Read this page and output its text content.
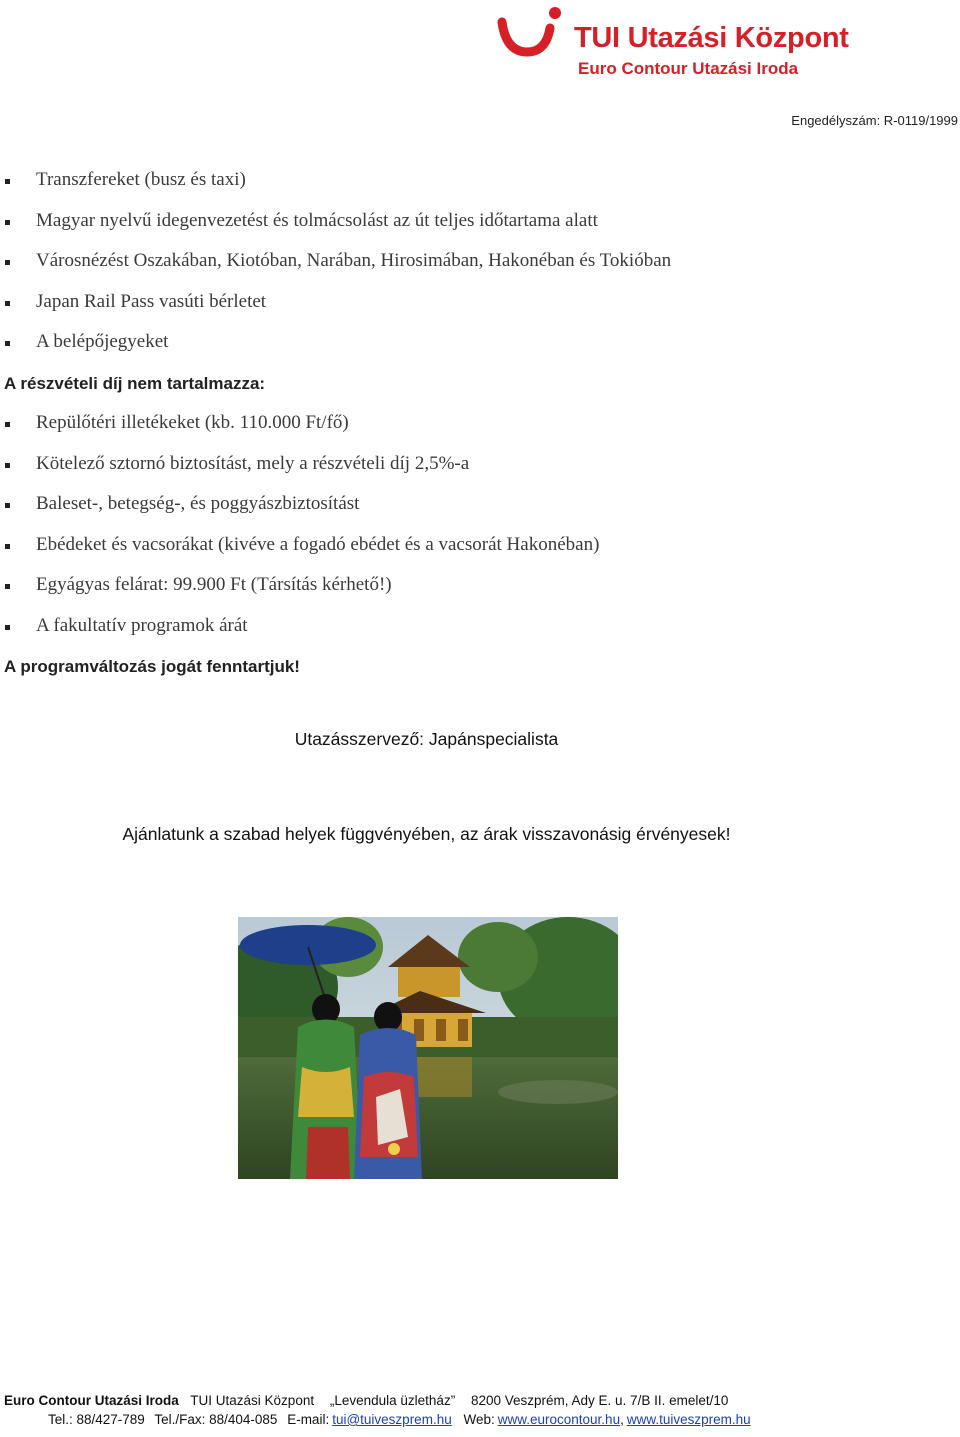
TUI Utazási Központ
Euro Contour Utazási Iroda
Engedélyszám: R-0119/1999
Transzfereket (busz és taxi)
Magyar nyelvű idegenvezetést és tolmácsolást az út teljes időtartama alatt
Városnézést Oszakában, Kiotóban, Narában, Hirosimában, Hakonéban és Tokióban
Japan Rail Pass vasúti bérletet
A belépőjegyeket
A részvételi díj nem tartalmazza:
Repülőtéri illetékeket (kb. 110.000 Ft/fő)
Kötelező sztornó biztosítást, mely a részvételi díj 2,5%-a
Baleset-, betegség-, és poggyászbiztosítást
Ebédeket és vacsorákat (kivéve a fogadó ebédet és a vacsorát Hakonéban)
Egyágyas felárat: 99.900 Ft (Társítás kérhető!)
A fakultatív programok árát
A programváltozás jogát fenntartjuk!
Utazásszervező: Japánspecialista
Ajánlatunk a szabad helyek függvényében, az árak visszavonásig érvényesek!
Euro Contour Utazási Iroda TUI Utazási Központ „Levendula üzletház” 8200 Veszprém, Ady E. u. 7/B II. emelet/10
Tel.: 88/427-789 Tel./Fax: 88/404-085 E-mail: tui@tuiveszprem.hu Web: www.eurocontour.hu, www.tuiveszprem.hu
